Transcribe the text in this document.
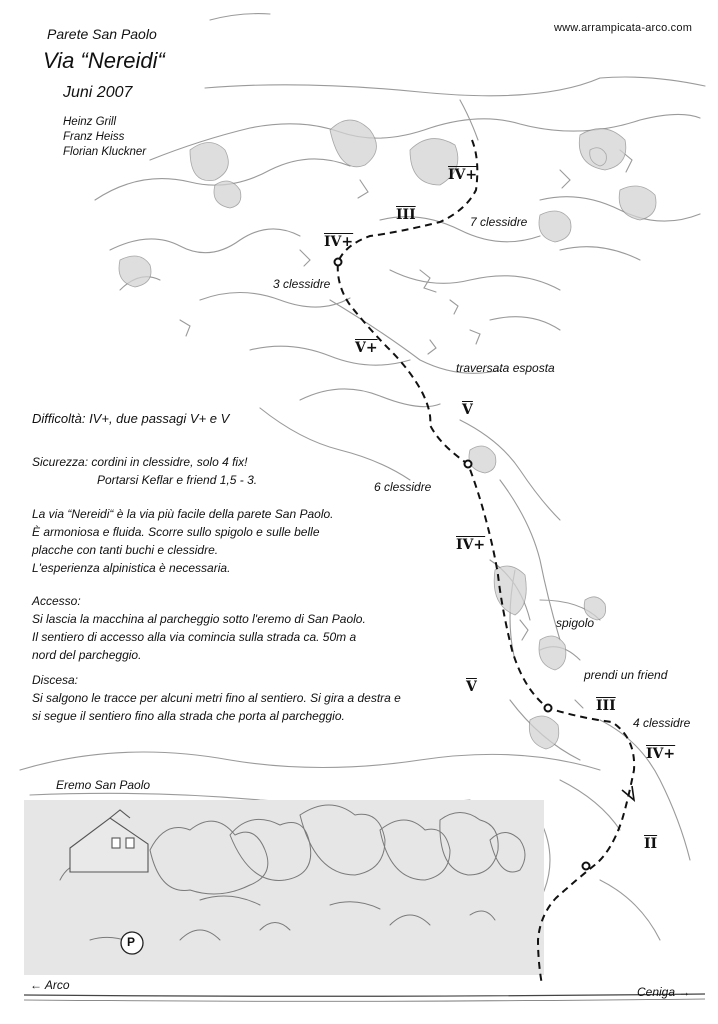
Parete San Paolo
Via “Nereidi“
Juni 2007
Heinz Grill
Franz Heiss
Florian Kluckner
www.arrampicata-arco.com
7 clessidre
3 clessidre
traversata esposta
6 clessidre
spigolo
prendi un friend
4 clessidre
Eremo San Paolo
P
← Arco	Ceniga →
IV+
$\overline{III}$
IV+
V+
$\overline{V}$
IV+
$\overline{V}$
$\overline{III}$
IV+
$\overline{II}$
Difficoltà: IV+, due passagi V+ e V
Sicurezza: cordini in clessidre, solo 4 fix!
Portarsi Keflar e friend 1,5 - 3.
La via “Nereidi“ è la via più facile della parete San Paolo.
È armoniosa e fluida. Scorre sullo spigolo e sulle belle
placche con tanti buchi e clessidre.
L'esperienza alpinistica è necessaria.
Accesso:
Si lascia la macchina al parcheggio sotto l'eremo di San Paolo.
Il sentiero di accesso alla via comincia sulla strada ca. 50m a
nord del parcheggio.
Discesa:
Si salgono le tracce per alcuni metri fino al sentiero. Si gira a destra e
si segue il sentiero fino alla strada che porta al parcheggio.
